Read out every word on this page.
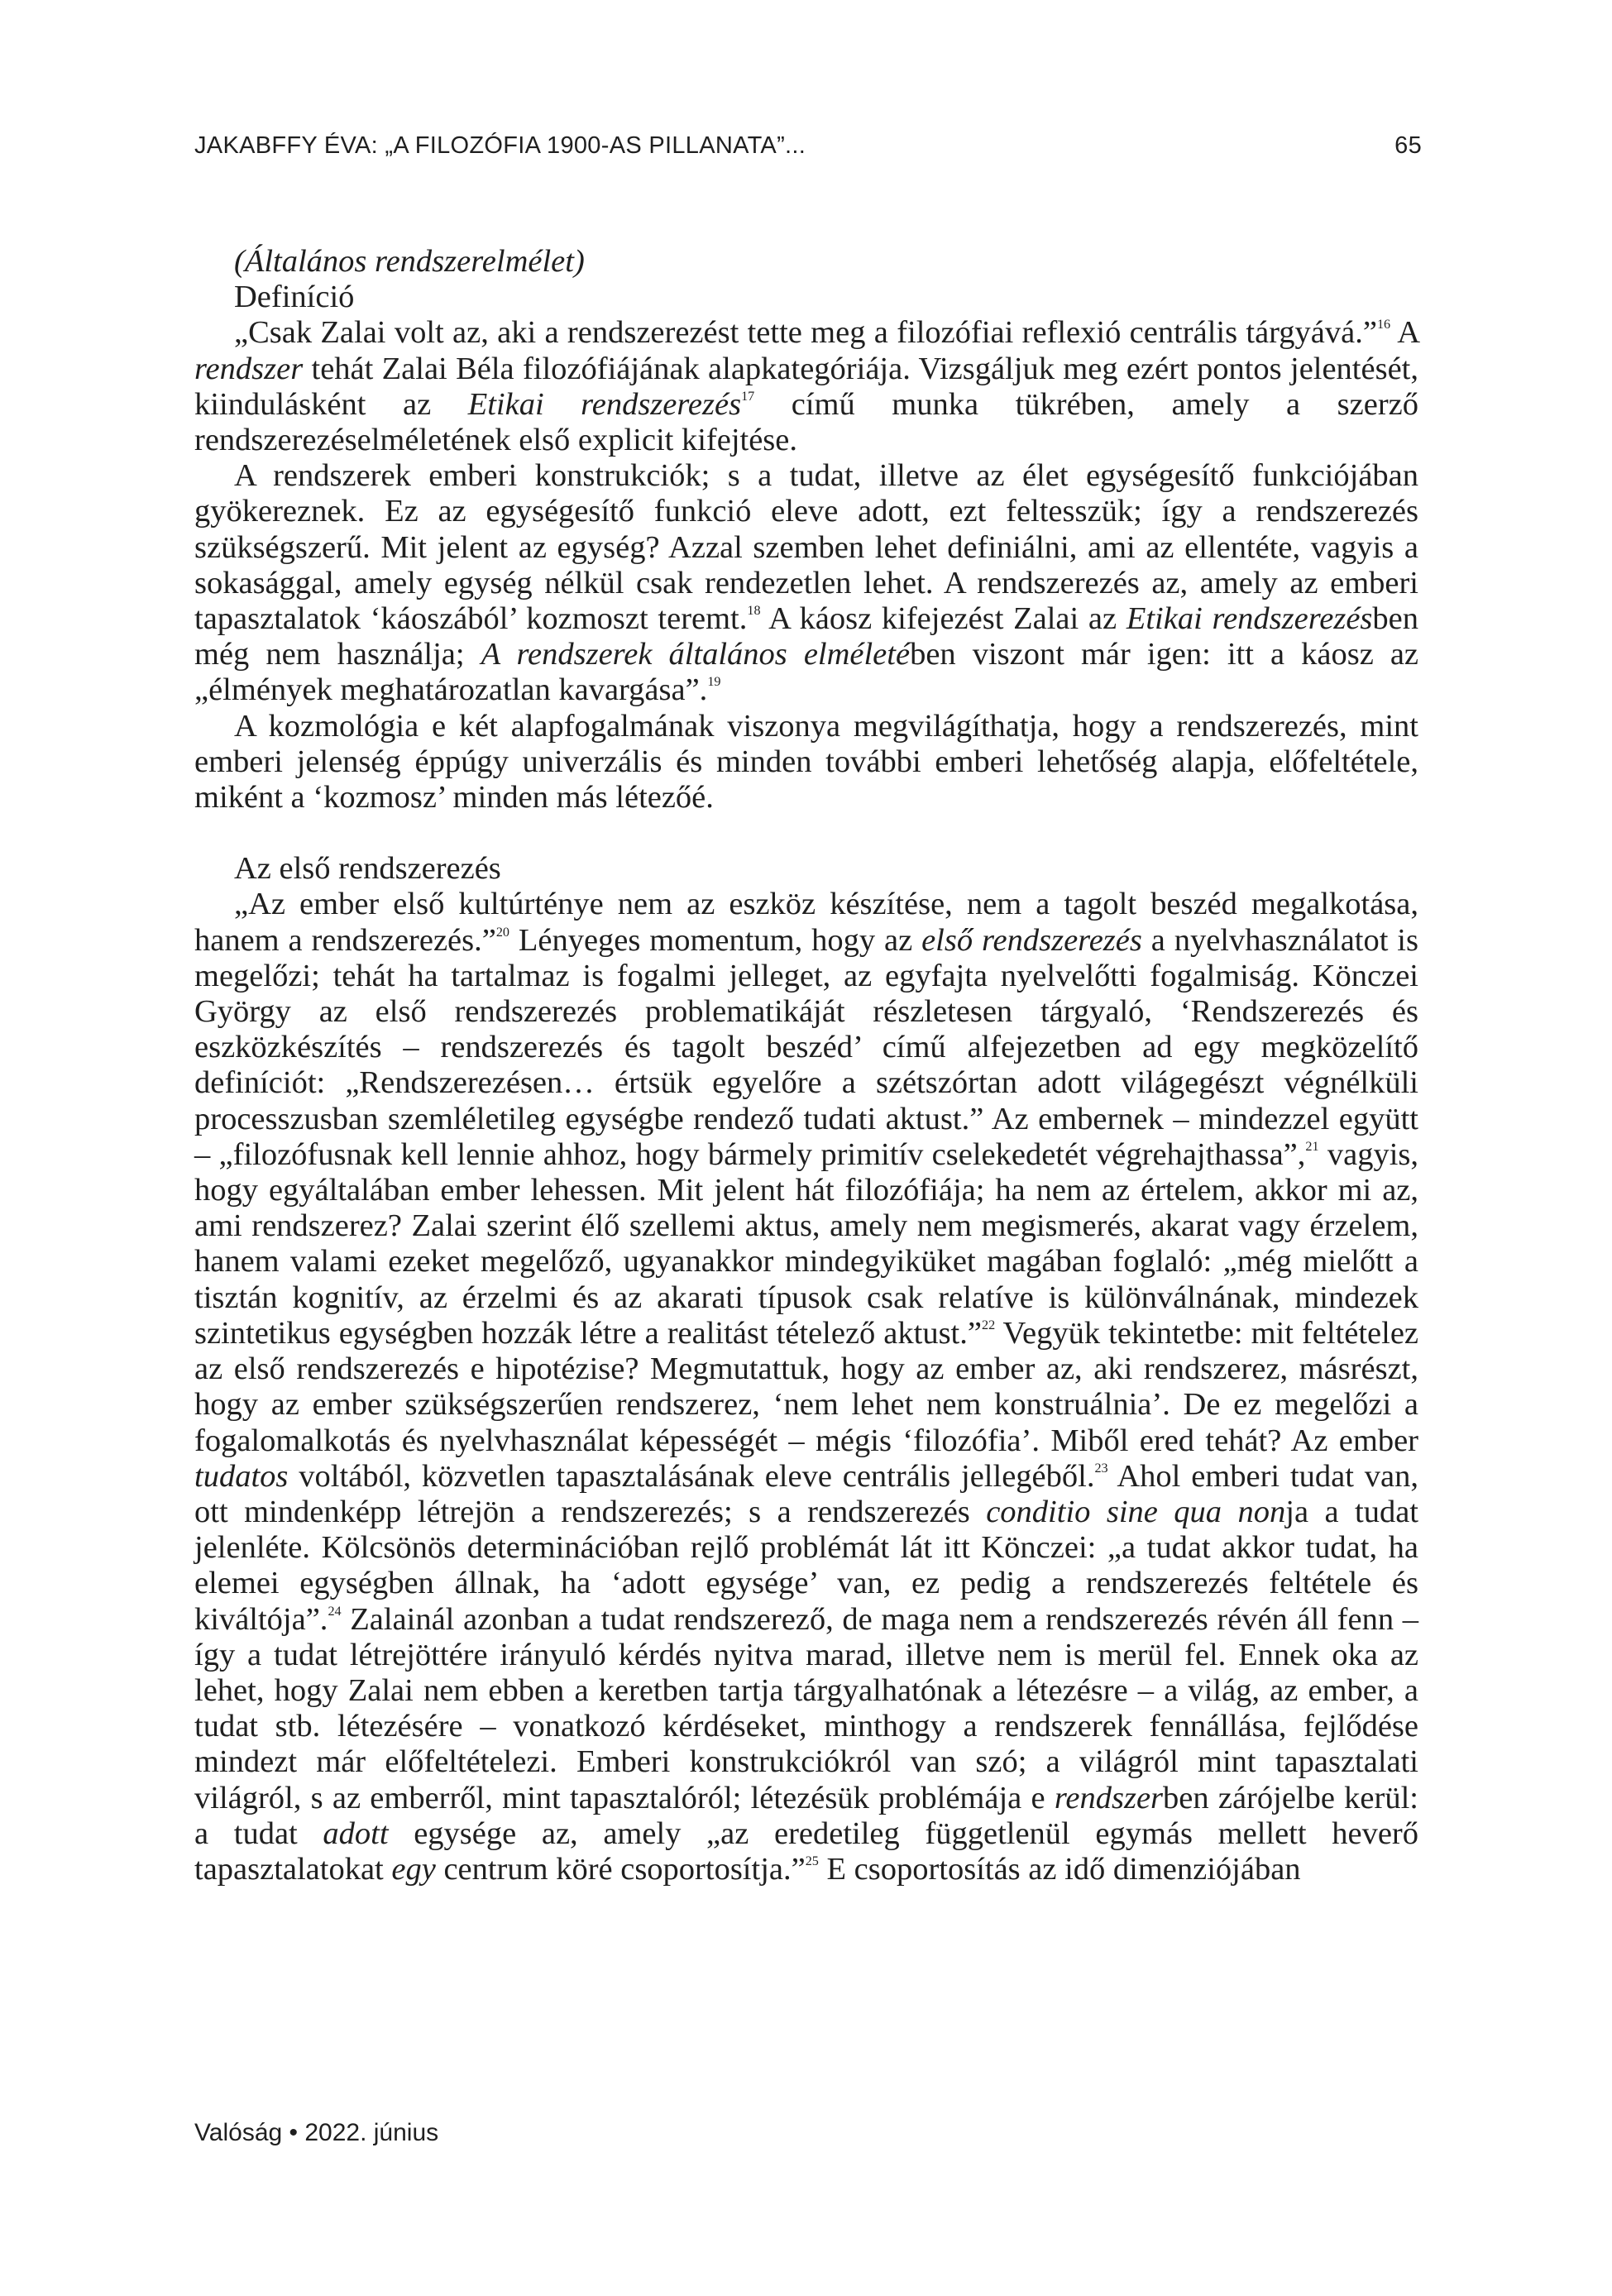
JAKABFFY ÉVA: „A FILOZÓFIA 1900-AS PILLANATA”...	65

(Általános rendszerelmélet)

Definíció

„Csak Zalai volt az, aki a rendszerezést tette meg a filozófiai reflexió centrális tárgyává.”$^{16}$ A rendszer tehát Zalai Béla filozófiájának alapkategóriája. Vizsgáljuk meg ezért pontos jelentését, kiindulásként az Etikai rendszerezés$^{17}$ című munka tükrében, amely a szerző rendszerezéselméletének első explicit kifejtése.

A rendszerek emberi konstrukciók; s a tudat, illetve az élet egységesítő funkciójában gyökereznek. Ez az egységesítő funkció eleve adott, ezt feltesszük; így a rendszerezés szükségszerű. Mit jelent az egység? Azzal szemben lehet definiálni, ami az ellentéte, vagyis a sokasággal, amely egység nélkül csak rendezetlen lehet. A rendszerezés az, amely az emberi tapasztalatok ‘káoszából’ kozmoszt teremt.$^{18}$ A káosz kifejezést Zalai az Etikai rendszerezésben még nem használja; A rendszerek általános elméletében viszont már igen: itt a káosz az „élmények meghatározatlan kavargása”.$^{19}$

A kozmológia e két alapfogalmának viszonya megvilágíthatja, hogy a rendszerezés, mint emberi jelenség éppúgy univerzális és minden további emberi lehetőség alapja, előfeltétele, miként a ‘kozmosz’ minden más létezőé.

Az első rendszerezés

„Az ember első kultúrténye nem az eszköz készítése, nem a tagolt beszéd megalkotása, hanem a rendszerezés.”$^{20}$ Lényeges momentum, hogy az első rendszerezés a nyelvhasználatot is megelőzi; tehát ha tartalmaz is fogalmi jelleget, az egyfajta nyelvelőtti fogalmiság. Könczei György az első rendszerezés problematikáját részletesen tárgyaló, ‘Rendszerezés és eszközkészítés – rendszerezés és tagolt beszéd’ című alfejezetben ad egy megközelítő definíciót: „Rendszerezésen… értsük egyelőre a szétszórtan adott világegészt végnélküli processzusban szemléletileg egységbe rendező tudati aktust.” Az embernek – mindezzel együtt – „filozófusnak kell lennie ahhoz, hogy bármely primitív cselekedetét végrehajthassa”,$^{21}$ vagyis, hogy egyáltalában ember lehessen. Mit jelent hát filozófiája; ha nem az értelem, akkor mi az, ami rendszerez? Zalai szerint élő szellemi aktus, amely nem megismerés, akarat vagy érzelem, hanem valami ezeket megelőző, ugyanakkor mindegyiküket magában foglaló: „még mielőtt a tisztán kognitív, az érzelmi és az akarati típusok csak relatíve is különválnának, mindezek szintetikus egységben hozzák létre a realitást tételező aktust.”$^{22}$ Vegyük tekintetbe: mit feltételez az első rendszerezés e hipotézise? Megmutattuk, hogy az ember az, aki rendszerez, másrészt, hogy az ember szükségszerűen rendszerez, ‘nem lehet nem konstruálnia’. De ez megelőzi a fogalomalkotás és nyelvhasználat képességét – mégis ‘filozófia’. Miből ered tehát? Az ember tudatos voltából, közvetlen tapasztalásának eleve centrális jellegéből.$^{23}$ Ahol emberi tudat van, ott mindenképp létrejön a rendszerezés; s a rendszerezés conditio sine qua nonja a tudat jelenléte. Kölcsönös determinációban rejlő problémát lát itt Könczei: „a tudat akkor tudat, ha elemei egységben állnak, ha ‘adott egysége’ van, ez pedig a rendszerezés feltétele és kiváltója”.$^{24}$ Zalainál azonban a tudat rendszerező, de maga nem a rendszerezés révén áll fenn – így a tudat létrejöttére irányuló kérdés nyitva marad, illetve nem is merül fel. Ennek oka az lehet, hogy Zalai nem ebben a keretben tartja tárgyalhatónak a létezésre – a világ, az ember, a tudat stb. létezésére – vonatkozó kérdéseket, minthogy a rendszerek fennállása, fejlődése mindezt már előfeltételezi. Emberi konstrukciókról van szó; a világról mint tapasztalati világról, s az emberről, mint tapasztalóról; létezésük problémája e rendszerben zárójelbe kerül: a tudat adott egysége az, amely „az eredetileg függetlenül egymás mellett heverő tapasztalatokat egy centrum köré csoportosítja.”$^{25}$ E csoportosítás az idő dimenziójában

Valóság • 2022. június
